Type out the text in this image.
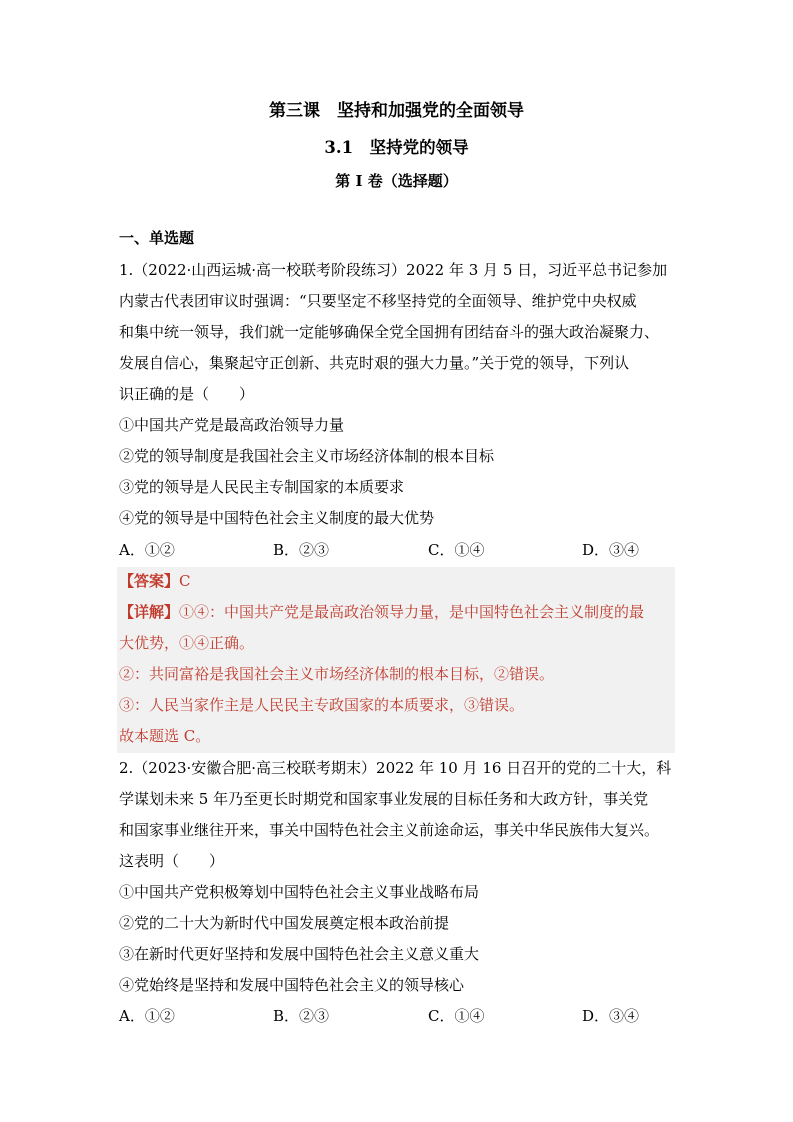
第三课　坚持和加强党的全面领导
3.1　坚持党的领导
第 I 卷（选择题）
一、单选题
1.（2022·山西运城·高一校联考阶段练习）2022 年 3 月 5 日，习近平总书记参加
内蒙古代表团审议时强调：“只要坚定不移坚持党的全面领导、维护党中央权威
和集中统一领导，我们就一定能够确保全党全国拥有团结奋斗的强大政治凝聚力、
发展自信心，集聚起守正创新、共克时艰的强大力量。”关于党的领导，下列认
识正确的是（　　）
①中国共产党是最高政治领导力量
②党的领导制度是我国社会主义市场经济体制的根本目标
③党的领导是人民民主专制国家的本质要求
④党的领导是中国特色社会主义制度的最大优势
A．①②	B．②③	C．①④	D．③④
【答案】C
【详解】①④：中国共产党是最高政治领导力量，是中国特色社会主义制度的最
大优势，①④正确。
②：共同富裕是我国社会主义市场经济体制的根本目标，②错误。
③：人民当家作主是人民民主专政国家的本质要求，③错误。
故本题选 C。
2.（2023·安徽合肥·高三校联考期末）2022 年 10 月 16 日召开的党的二十大，科
学谋划未来 5 年乃至更长时期党和国家事业发展的目标任务和大政方针，事关党
和国家事业继往开来，事关中国特色社会主义前途命运，事关中华民族伟大复兴。
这表明（　　）
①中国共产党积极筹划中国特色社会主义事业战略布局
②党的二十大为新时代中国发展奠定根本政治前提
③在新时代更好坚持和发展中国特色社会主义意义重大
④党始终是坚持和发展中国特色社会主义的领导核心
A．①②	B．②③	C．①④	D．③④
